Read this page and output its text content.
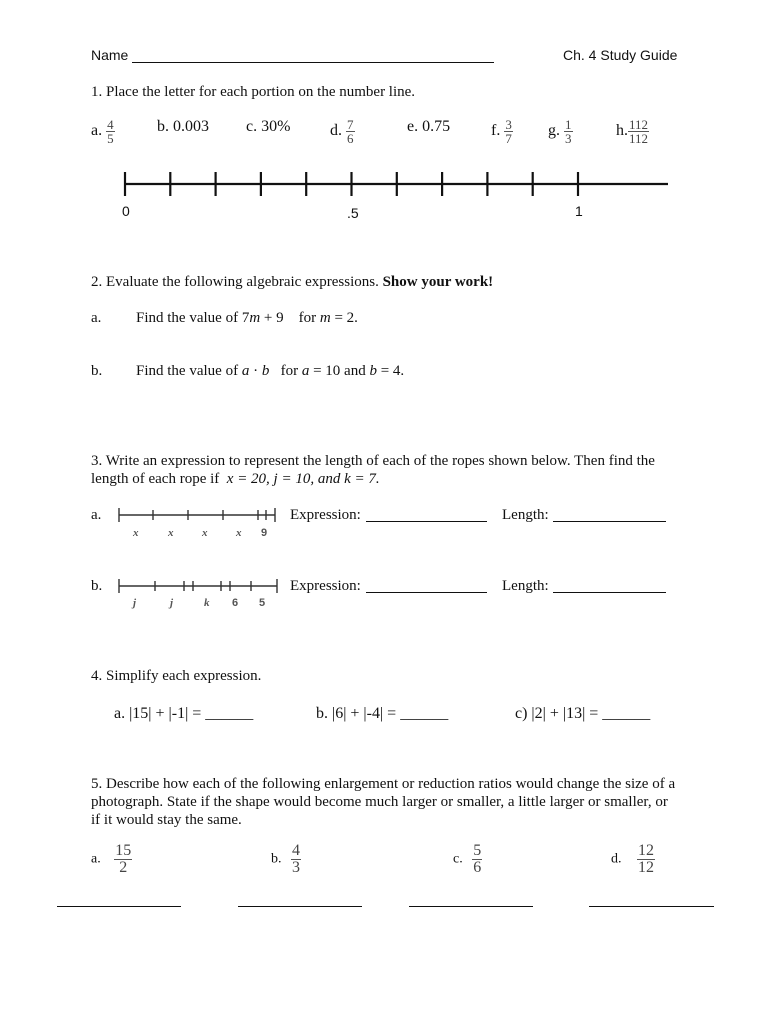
Name	Ch. 4 Study Guide
1. Place the letter for each portion on the number line.
a. $\frac{4}{5}$	b. 0.003 c. 30% d. $\frac{7}{6}$	e. 0.75	f. $\frac{3}{7} g$. $\frac{1}{3}$	h. $\frac{112}{112}$
0	.5	1
2. Evaluate the following algebraic expressions. Show your work!
a. Find the value of 7m + 9    for m = 2.
b. Find the value of a · b   for a = 10 and b = 4.
3. Write an expression to represent the length of each of the ropes shown below. Then find the
length of each rope if  x = 20, j = 10, and k = 7.
a.
x	x	x	x 9
Expression:	Length:
b.
j	j	k 6 5
Expression:	Length:
4. Simplify each expression.
a. |15| + |-1| = ______	b. |6| + |-4| = ______	c) |2| + |13| = ______
5. Describe how each of the following enlargement or reduction ratios would change the size of a
photograph. State if the shape would become much larger or smaller, a little larger or smaller, or
if it would stay the same.
a. $\frac{15}{2}$	b. $\frac{4}{3}$	c. $\frac{5}{6}$	d. $\frac{12}{12}$
